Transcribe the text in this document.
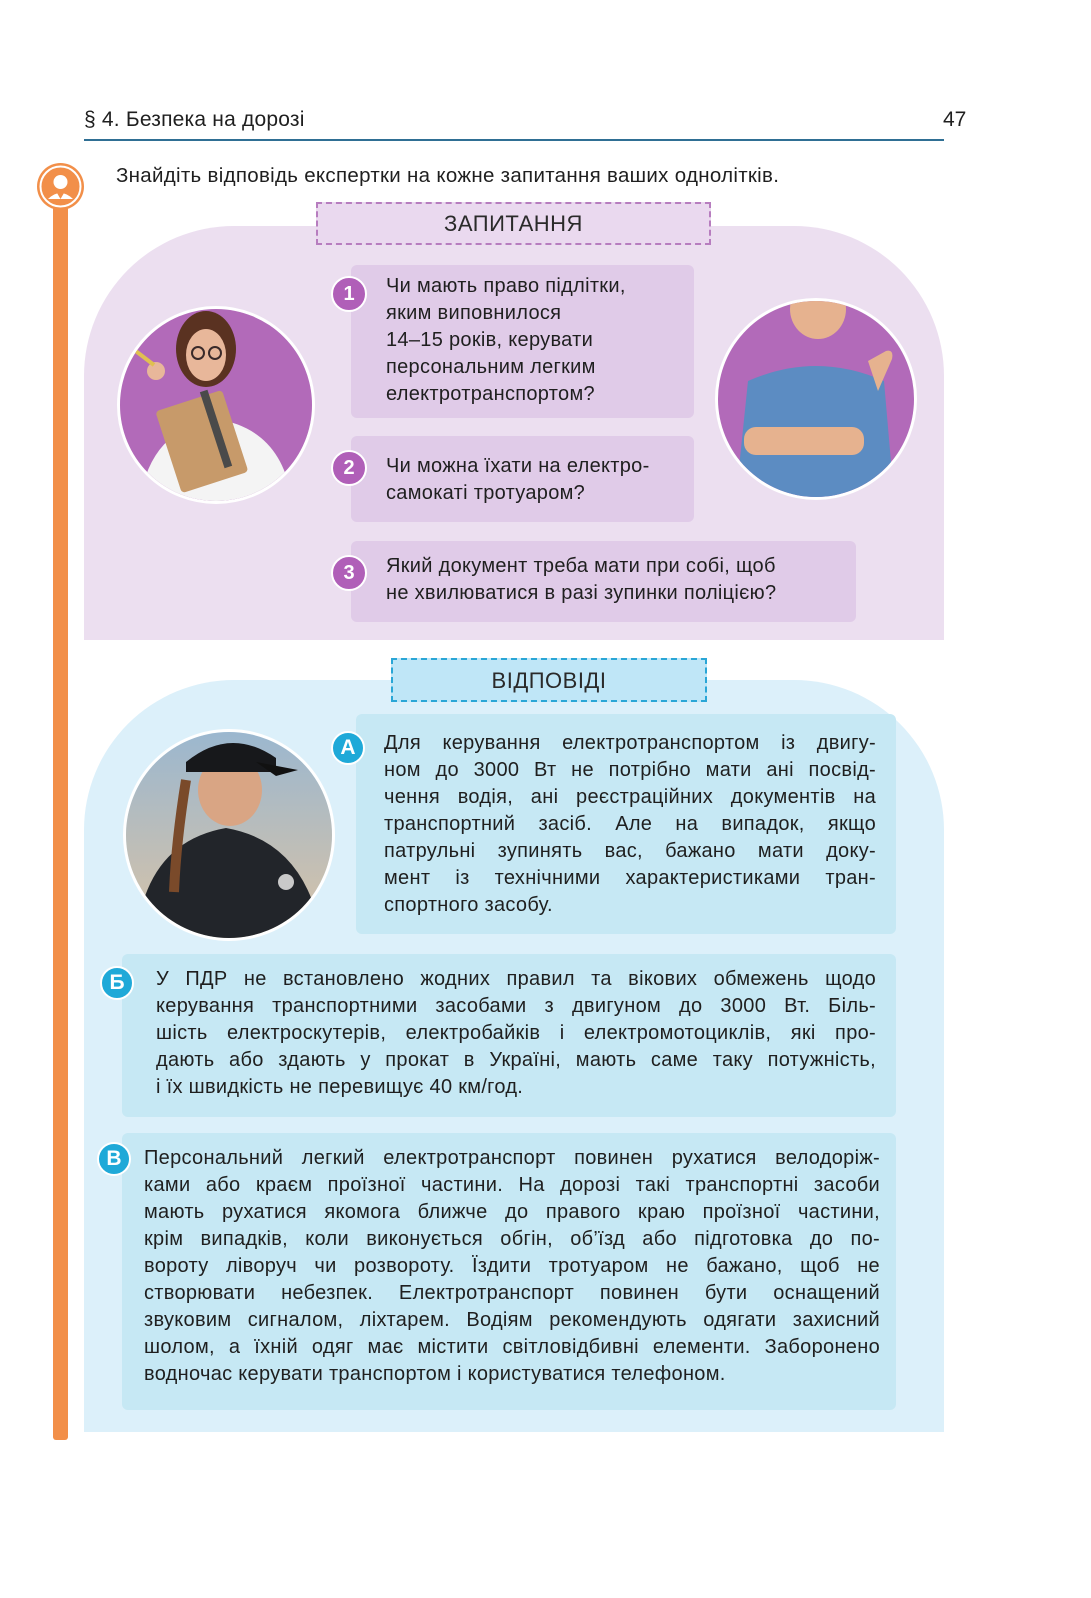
§ 4. Безпека на дорозі	47
Знайдіть відповідь експертки на кожне запитання ваших однолітків.
ЗАПИТАННЯ
Чи мають право підлітки,
яким виповнилося
14–15 років, керувати
персональним легким
електротранспортом?
1
Чи можна їхати на електро-
самокаті тротуаром?
2
Який документ треба мати при собі, щоб
не хвилюватися в разі зупинки поліцією?
3
ВІДПОВІДІ
Для керування електротранспортом із двигу-
ном до 3000 Вт не потрібно мати ані посвід-
чення водія, ані реєстраційних документів на
транспортний засіб. Але на випадок, якщо
патрульні зупинять вас, бажано мати доку-
мент із технічними характеристиками тран-
спортного засобу.
А
У ПДР не встановлено жодних правил та вікових обмежень щодо
керування транспортними засобами з двигуном до 3000 Вт. Біль-
шість електроскутерів, електробайків і електромотоциклів, які про-
дають або здають у прокат в Україні, мають саме таку потужність,
і їх швидкість не перевищує 40 км/год.
Б
Персональний легкий електротранспорт повинен рухатися велодоріж-
ками або краєм проїзної частини. На дорозі такі транспортні засоби
мають рухатися якомога ближче до правого краю проїзної частини,
крім випадків, коли виконується обгін, об’їзд або підготовка до по-
вороту ліворуч чи розвороту. Їздити тротуаром не бажано, щоб не
створювати небезпек. Електротранспорт повинен бути оснащений
звуковим сигналом, ліхтарем. Водіям рекомендують одягати захисний
шолом, а їхній одяг має містити світловідбивні елементи. Заборонено
водночас керувати транспортом і користуватися телефоном.
В
